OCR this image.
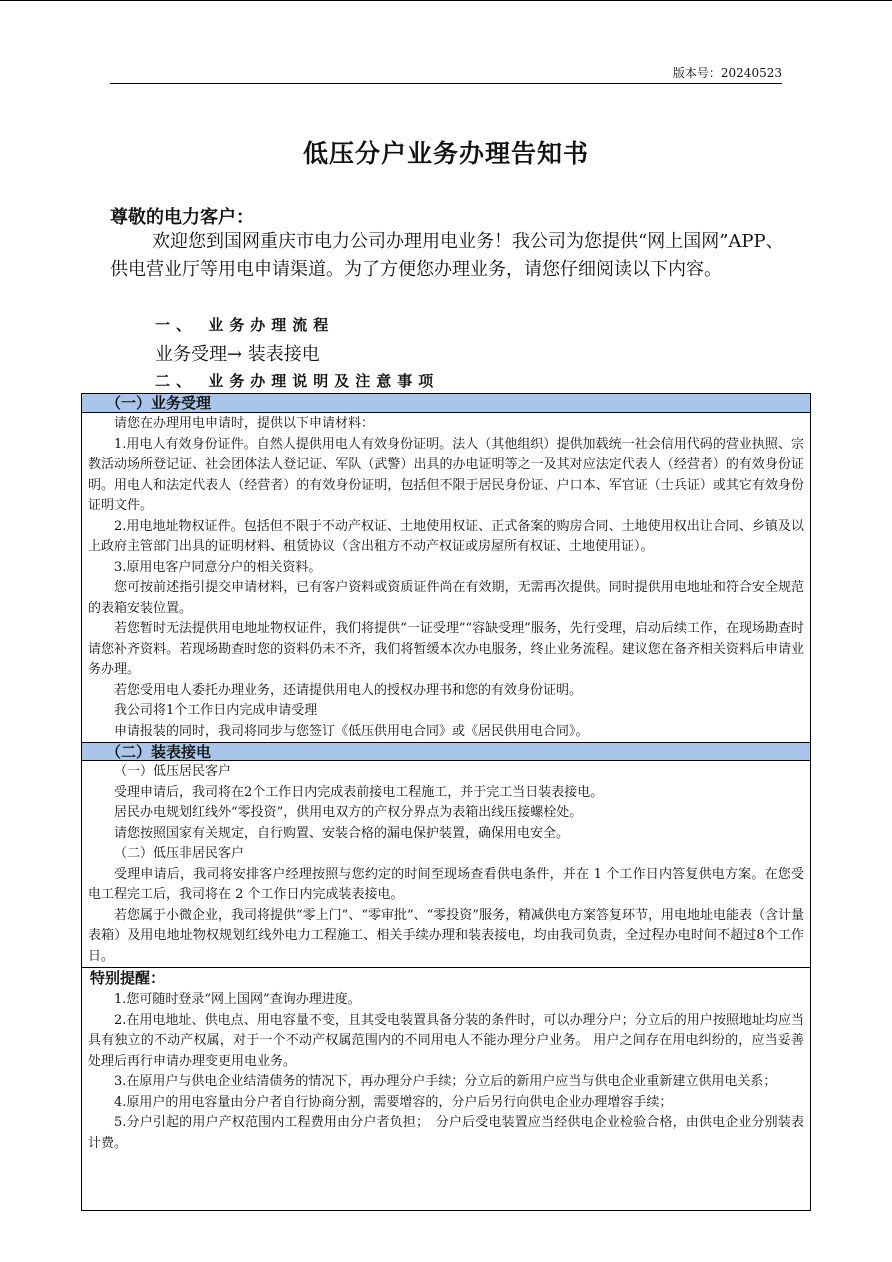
版本号：20240523
低压分户业务办理告知书
尊敬的电力客户：

欢迎您到国网重庆市电力公司办理用电业务！我公司为您提供“网上国网”APP、供电营业厅等用电申请渠道。为了方便您办理业务，请您仔细阅读以下内容。

一、 业务办理流程
业务受理→ 装表接电
二、 业务办理说明及注意事项
（一）业务受理

请您在办理用电申请时，提供以下申请材料：

1.用电人有效身份证件。自然人提供用电人有效身份证明。法人（其他组织）提供加载统一社会信用代码的营业执照、宗教活动场所登记证、社会团体法人登记证、军队（武警）出具的办电证明等之一及其对应法定代表人（经营者）的有效身份证明。用电人和法定代表人（经营者）的有效身份证明，包括但不限于居民身份证、户口本、军官证（士兵证）或其它有效身份证明文件。

2.用电地址物权证件。包括但不限于不动产权证、土地使用权证、正式备案的购房合同、土地使用权出让合同、乡镇及以上政府主管部门出具的证明材料、租赁协议（含出租方不动产权证或房屋所有权证、土地使用证）。

3.原用电客户同意分户的相关资料。

您可按前述指引提交申请材料，已有客户资料或资质证件尚在有效期，无需再次提供。同时提供用电地址和符合安全规范的表箱安装位置。

若您暂时无法提供用电地址物权证件，我们将提供“一证受理”“容缺受理”服务，先行受理，启动后续工作，在现场勘查时请您补齐资料。若现场勘查时您的资料仍未不齐，我们将暂缓本次办电服务，终止业务流程。建议您在备齐相关资料后申请业务办理。

若您受用电人委托办理业务，还请提供用电人的授权办理书和您的有效身份证明。

我公司将1个工作日内完成申请受理

申请报装的同时，我司将同步与您签订《低压供用电合同》或《居民供用电合同》。

（二）装表接电

（一）低压居民客户

受理申请后，我司将在2个工作日内完成表前接电工程施工，并于完工当日装表接电。

居民办电规划红线外“零投资”，供用电双方的产权分界点为表箱出线压接螺栓处。

请您按照国家有关规定，自行购置、安装合格的漏电保护装置，确保用电安全。

（二）低压非居民客户

受理申请后，我司将安排客户经理按照与您约定的时间至现场查看供电条件，并在 1 个工作日内答复供电方案。在您受电工程完工后，我司将在 2 个工作日内完成装表接电。

若您属于小微企业，我司将提供“零上门”、“零审批”、“零投资”服务，精减供电方案答复环节，用电地址电能表（含计量表箱）及用电地址物权规划红线外电力工程施工、相关手续办理和装表接电，均由我司负责，全过程办电时间不超过8个工作日。

特别提醒：

1.您可随时登录“网上国网”查询办理进度。

2.在用电地址、供电点、用电容量不变，且其受电装置具备分装的条件时，可以办理分户；分立后的用户按照地址均应当具有独立的不动产权属，对于一个不动产权属范围内的不同用电人不能办理分户业务。 用户之间存在用电纠纷的，应当妥善处理后再行申请办理变更用电业务。

3.在原用户与供电企业结清债务的情况下，再办理分户手续；分立后的新用户应当与供电企业重新建立供用电关系；

4.原用户的用电容量由分户者自行协商分割，需要增容的，分户后另行向供电企业办理增容手续；

5.分户引起的用户产权范围内工程费用由分户者负担；　分户后受电装置应当经供电企业检验合格，由供电企业分别装表计费。
